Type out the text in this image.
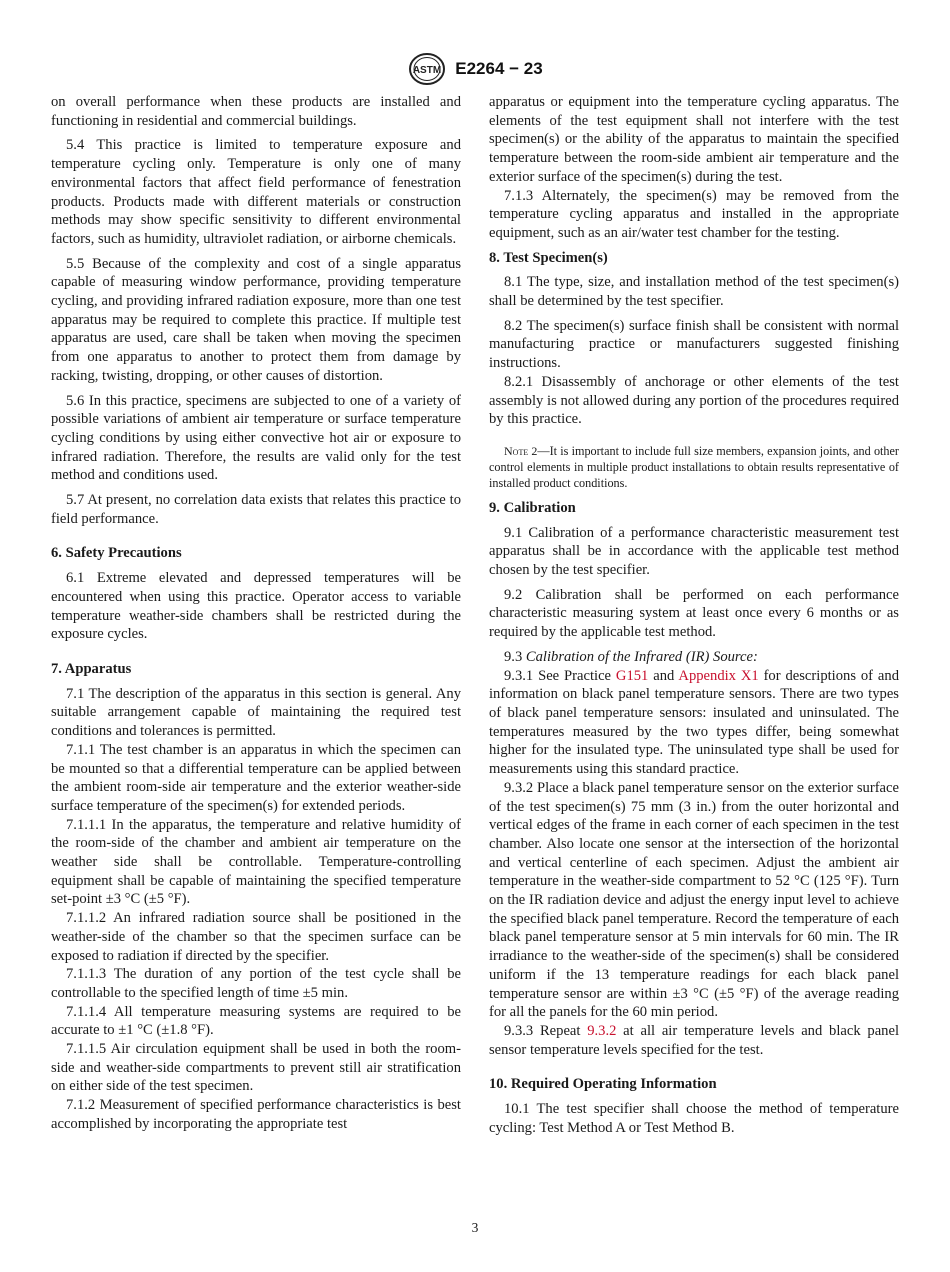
ASTM E2264 − 23

on overall performance when these products are installed and functioning in residential and commercial buildings.

5.4 This practice is limited to temperature exposure and temperature cycling only. Temperature is only one of many environmental factors that affect field performance of fenestration products. Products made with different materials or construction methods may show specific sensitivity to different environmental factors, such as humidity, ultraviolet radiation, or airborne chemicals.

5.5 Because of the complexity and cost of a single apparatus capable of measuring window performance, providing temperature cycling, and providing infrared radiation exposure, more than one test apparatus may be required to complete this practice. If multiple test apparatus are used, care shall be taken when moving the specimen from one apparatus to another to protect them from damage by racking, twisting, dropping, or other causes of distortion.

5.6 In this practice, specimens are subjected to one of a variety of possible variations of ambient air temperature or surface temperature cycling conditions by using either convective hot air or exposure to infrared radiation. Therefore, the results are valid only for the test method and conditions used.

5.7 At present, no correlation data exists that relates this practice to field performance.

6. Safety Precautions

6.1 Extreme elevated and depressed temperatures will be encountered when using this practice. Operator access to variable temperature weather-side chambers shall be restricted during the exposure cycles.

7. Apparatus

7.1 The description of the apparatus in this section is general. Any suitable arrangement capable of maintaining the required test conditions and tolerances is permitted.

7.1.1 The test chamber is an apparatus in which the specimen can be mounted so that a differential temperature can be applied between the ambient room-side air temperature and the exterior weather-side surface temperature of the specimen(s) for extended periods.

7.1.1.1 In the apparatus, the temperature and relative humidity of the room-side of the chamber and ambient air temperature on the weather side shall be controllable. Temperature-controlling equipment shall be capable of maintaining the specified temperature set-point ±3 °C (±5 °F).

7.1.1.2 An infrared radiation source shall be positioned in the weather-side of the chamber so that the specimen surface can be exposed to radiation if directed by the specifier.

7.1.1.3 The duration of any portion of the test cycle shall be controllable to the specified length of time ±5 min.

7.1.1.4 All temperature measuring systems are required to be accurate to ±1 °C (±1.8 °F).

7.1.1.5 Air circulation equipment shall be used in both the room-side and weather-side compartments to prevent still air stratification on either side of the test specimen.

7.1.2 Measurement of specified performance characteristics is best accomplished by incorporating the appropriate test

apparatus or equipment into the temperature cycling apparatus. The elements of the test equipment shall not interfere with the test specimen(s) or the ability of the apparatus to maintain the specified temperature between the room-side ambient air temperature and the exterior surface of the specimen(s) during the test.

7.1.3 Alternately, the specimen(s) may be removed from the temperature cycling apparatus and installed in the appropriate equipment, such as an air/water test chamber for the testing.

8. Test Specimen(s)

8.1 The type, size, and installation method of the test specimen(s) shall be determined by the test specifier.

8.2 The specimen(s) surface finish shall be consistent with normal manufacturing practice or manufacturers suggested finishing instructions.

8.2.1 Disassembly of anchorage or other elements of the test assembly is not allowed during any portion of the procedures required by this practice.

Note 2—It is important to include full size members, expansion joints, and other control elements in multiple product installations to obtain results representative of installed product conditions.
9. Calibration

9.1 Calibration of a performance characteristic measurement test apparatus shall be in accordance with the applicable test method chosen by the test specifier.

9.2 Calibration shall be performed on each performance characteristic measuring system at least once every 6 months or as required by the applicable test method.

9.3 Calibration of the Infrared (IR) Source:

9.3.1 See Practice G151 and Appendix X1 for descriptions of and information on black panel temperature sensors. There are two types of black panel temperature sensors: insulated and uninsulated. The temperatures measured by the two types differ, being somewhat higher for the insulated type. The uninsulated type shall be used for measurements using this standard practice.

9.3.2 Place a black panel temperature sensor on the exterior surface of the test specimen(s) 75 mm (3 in.) from the outer horizontal and vertical edges of the frame in each corner of each specimen in the test chamber. Also locate one sensor at the intersection of the horizontal and vertical centerline of each specimen. Adjust the ambient air temperature in the weather-side compartment to 52 °C (125 °F). Turn on the IR radiation device and adjust the energy input level to achieve the specified black panel temperature. Record the temperature of each black panel temperature sensor at 5 min intervals for 60 min. The IR irradiance to the weather-side of the specimen(s) shall be considered uniform if the 13 temperature readings for each black panel temperature sensor are within ±3 °C (±5 °F) of the average reading for all the panels for the 60 min period.

9.3.3 Repeat 9.3.2 at all air temperature levels and black panel sensor temperature levels specified for the test.

10. Required Operating Information

10.1 The test specifier shall choose the method of temperature cycling: Test Method A or Test Method B.

3
